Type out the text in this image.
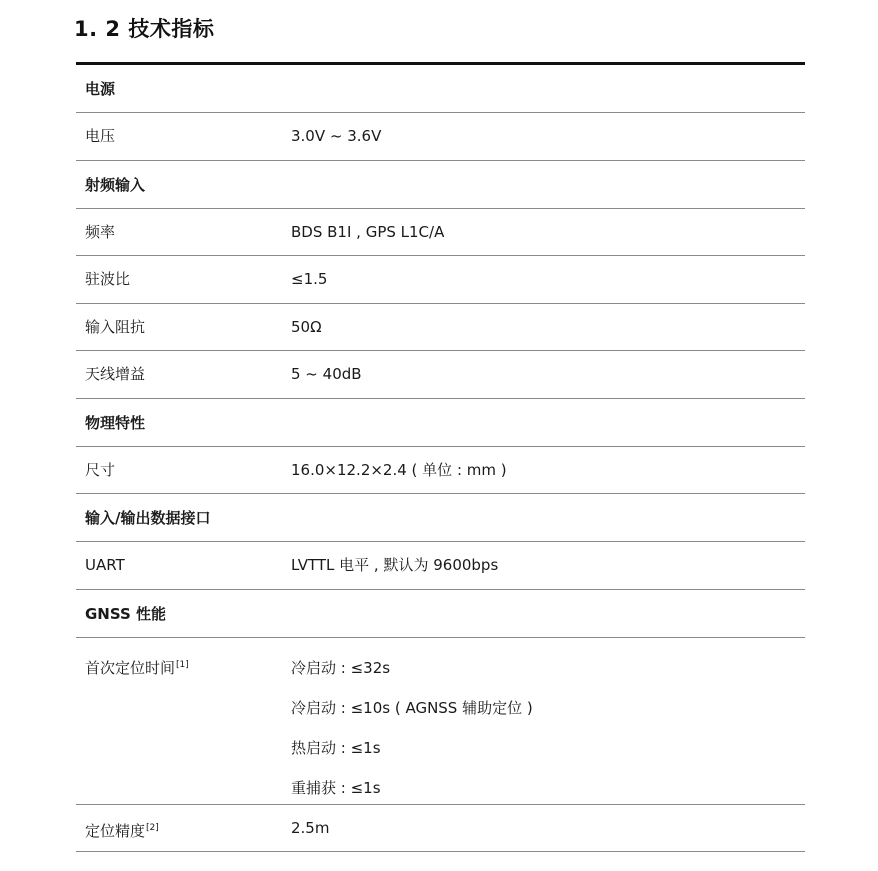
1. 2 技术指标
电源
电压	3.0V ~ 3.6V
射频输入
频率	BDS B1I , GPS L1C/A
驻波比	≤1.5
输入阻抗	50Ω
天线增益	5 ~ 40dB
物理特性
尺寸	16.0×12.2×2.4 ( 单位 : mm )
输入/输出数据接口
UART	LVTTL 电平 , 默认为 9600bps
GNSS 性能
首次定位时间[1]	冷启动 : ≤32s
冷启动 : ≤10s ( AGNSS 辅助定位 )
热启动 : ≤1s
重捕获 : ≤1s
定位精度[2]	2.5m
